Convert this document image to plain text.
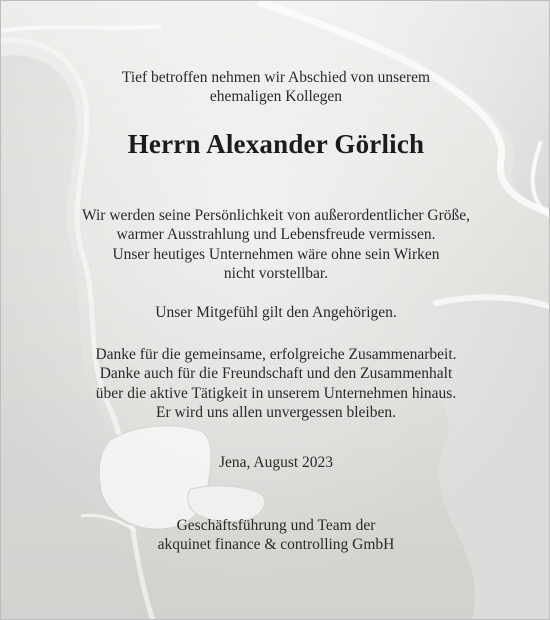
Tief betroffen nehmen wir Abschied von unserem
ehemaligen Kollegen
Herrn Alexander Görlich
Wir werden seine Persönlichkeit von außerordentlicher Größe,
warmer Ausstrahlung und Lebensfreude vermissen.
Unser heutiges Unternehmen wäre ohne sein Wirken
nicht vorstellbar.
Unser Mitgefühl gilt den Angehörigen.
Danke für die gemeinsame, erfolgreiche Zusammenarbeit.
Danke auch für die Freundschaft und den Zusammenhalt
über die aktive Tätigkeit in unserem Unternehmen hinaus.
Er wird uns allen unvergessen bleiben.
Jena, August 2023
Geschäftsführung und Team der
akquinet finance & controlling GmbH
